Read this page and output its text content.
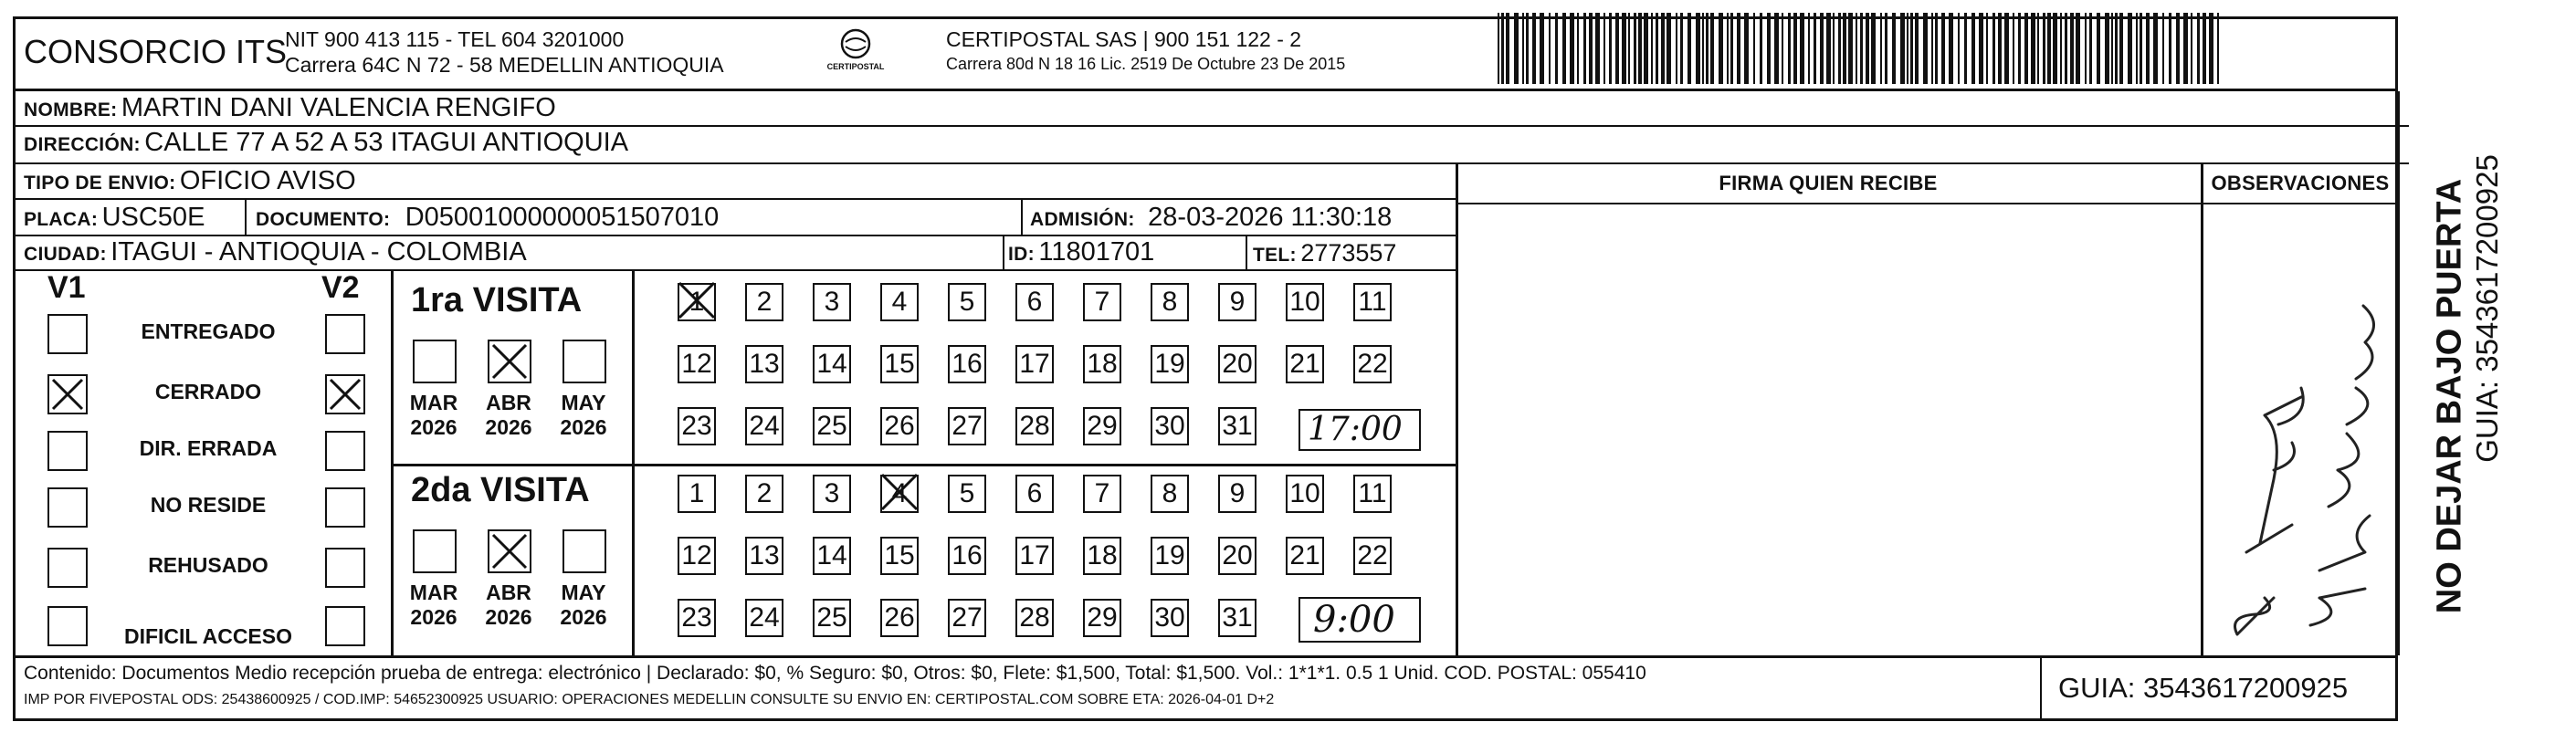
CONSORCIO ITS
NIT 900 413 115 - TEL 604 3201000
Carrera 64C N 72 - 58 MEDELLIN ANTIOQUIA	CERTIPOSTAL
CERTIPOSTAL SAS | 900 151 122 - 2
Carrera 80d N 18 16 Lic. 2519 De Octubre 23 De 2015
NOMBRE: MARTIN DANI VALENCIA RENGIFO
DIRECCIÓN: CALLE 77 A 52 A 53 ITAGUI ANTIOQUIA
TIPO DE ENVIO: OFICIO AVISO
PLACA: USC50E	DOCUMENTO: D05001000000051507010	ADMISIÓN: 28-03-2026 11:30:18
CIUDAD: ITAGUI - ANTIOQUIA - COLOMBIA	ID: 11801701	TEL: 2773557
FIRMA QUIEN RECIBE	OBSERVACIONES
V1	V2
ENTREGADO
CERRADO
DIR. ERRADA
NO RESIDE
REHUSADO
DIFICIL ACCESO
1ra VISITA
2da VISITA
MAR
2026
ABR
2026
MAY
2026
MAR
2026
ABR
2026
MAY
2026
1 2 3 4 5 6 7 8 9 10 11
12 13 14 15 16 17 18 19 20 21 22
23 24 25 26 27 28 29 30 31
1 2 3 4 5 6 7 8 9 10 11
12 13 14 15 16 17 18 19 20 21 22
23 24 25 26 27 28 29 30 31
17:00
9:00
NO DEJAR BAJO PUERTA GUIA: 3543617200925
Contenido: Documentos Medio recepción prueba de entrega: electrónico | Declarado: $0, % Seguro: $0, Otros: $0, Flete: $1,500, Total: $1,500. Vol.: 1*1*1. 0.5 1 Unid. COD. POSTAL: 055410
IMP POR FIVEPOSTAL ODS: 25438600925 / COD.IMP: 54652300925 USUARIO: OPERACIONES MEDELLIN CONSULTE SU ENVIO EN: CERTIPOSTAL.COM SOBRE ETA: 2026-04-01 D+2	GUIA: 3543617200925
